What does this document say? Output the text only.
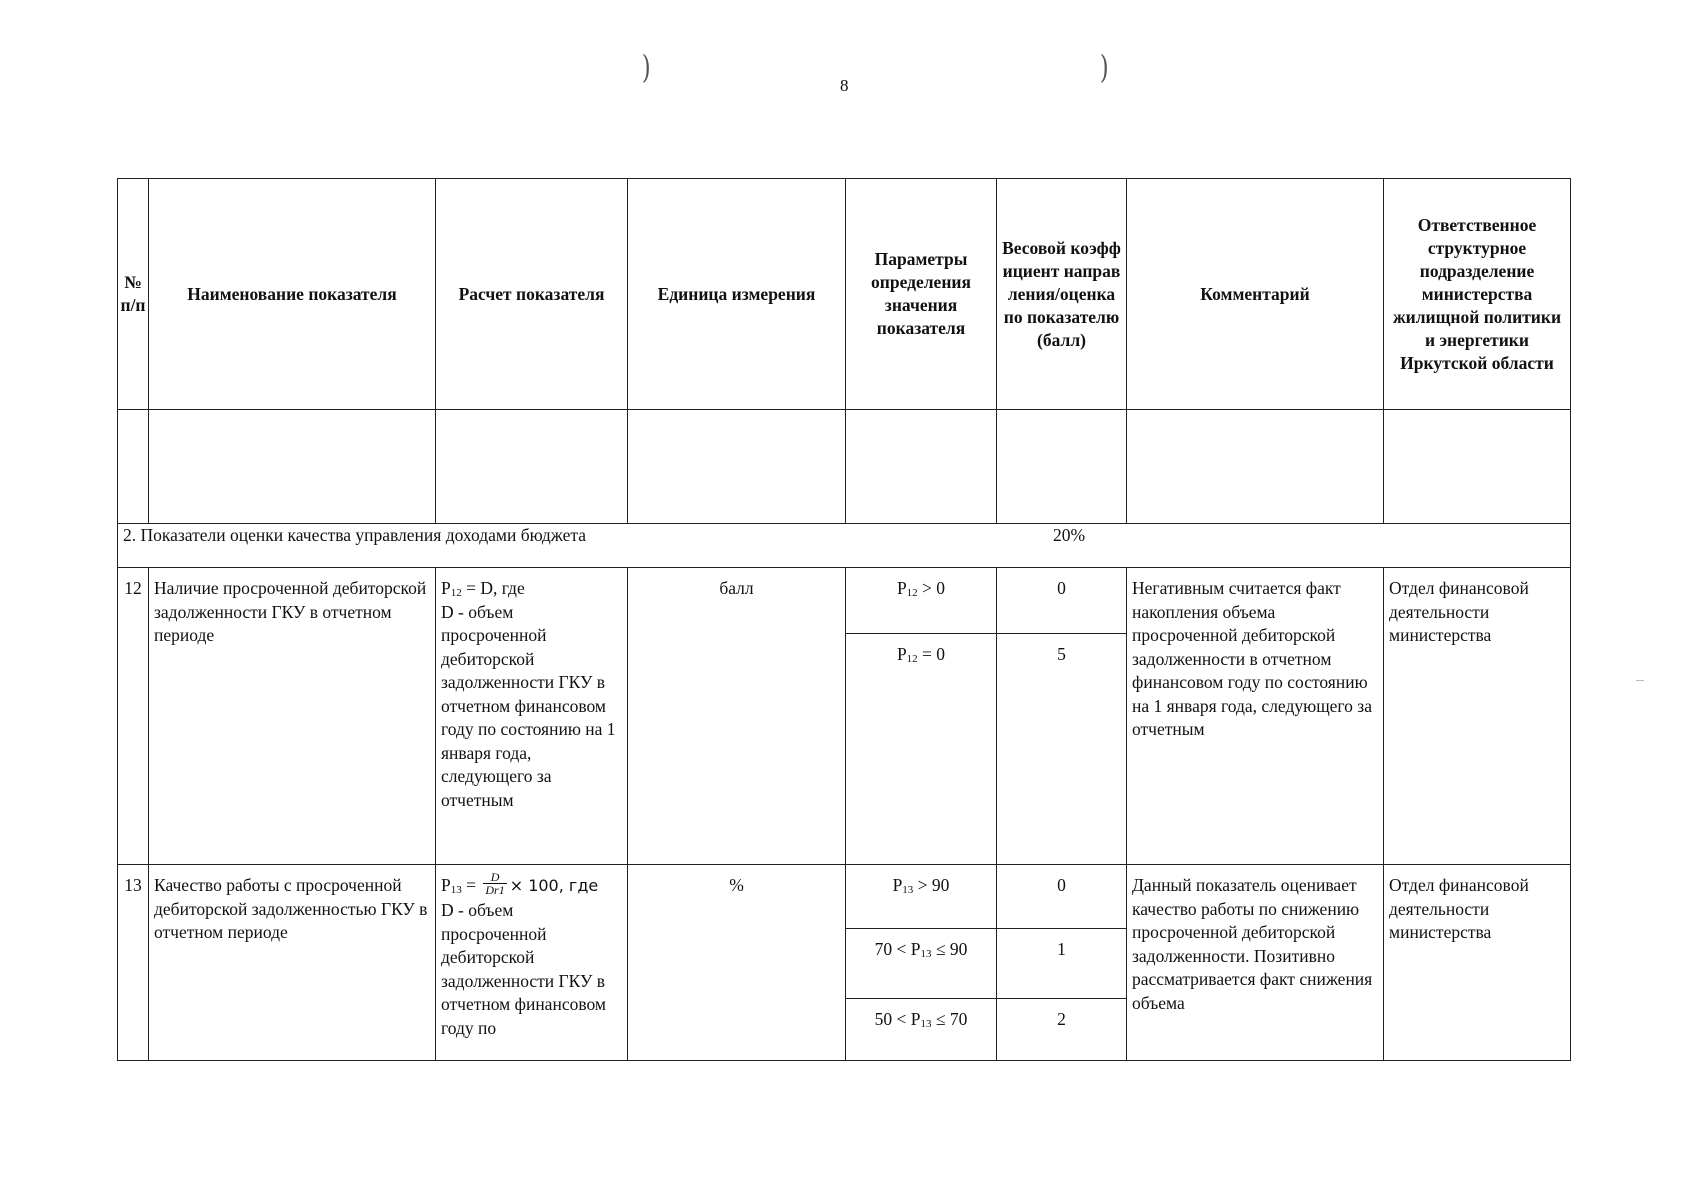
)	)
8
№ п/п	Наименование показателя	Расчет показателя	Единица измерения	Параметры определения значения показателя	Весовой коэффициент направления/оценка по показателю (балл)	Комментарий	Ответственное структурное подразделение министерства жилищной политики и энергетики Иркутской области

2. Показатели оценки качества управления доходами бюджета 20%							

12	Наличие просроченной дебиторской задолженности ГКУ в отчетном периоде	$P_{12} = D$, где
D - объем просроченной дебиторской задолженности ГКУ в отчетном финансовом году по состоянию на 1 января года, следующего за отчетным	балл	$P_{12} > 0$	0	Негативным считается факт накопления объема просроченной дебиторской задолженности в отчетном финансовом году по состоянию на 1 января года, следующего за отчетным	Отдел финансовой деятельности министерства
				$P_{12} = 0$	5		
13	Качество работы с просроченной дебиторской задолженностью ГКУ в отчетном периоде	$P_{13} = \frac{D}{Dr1} \times 100$, где
D - объем просроченной дебиторской задолженности ГКУ в отчетном финансовом году по	%	$P_{13} > 90$	0	Данный показатель оценивает качество работы по снижению просроченной дебиторской задолженности. Позитивно рассматривается факт снижения объема	Отдел финансовой деятельности министерства
				$70 < P_{13} \le 90$	1		
				$50 < P_{13} \le 70$	2		
